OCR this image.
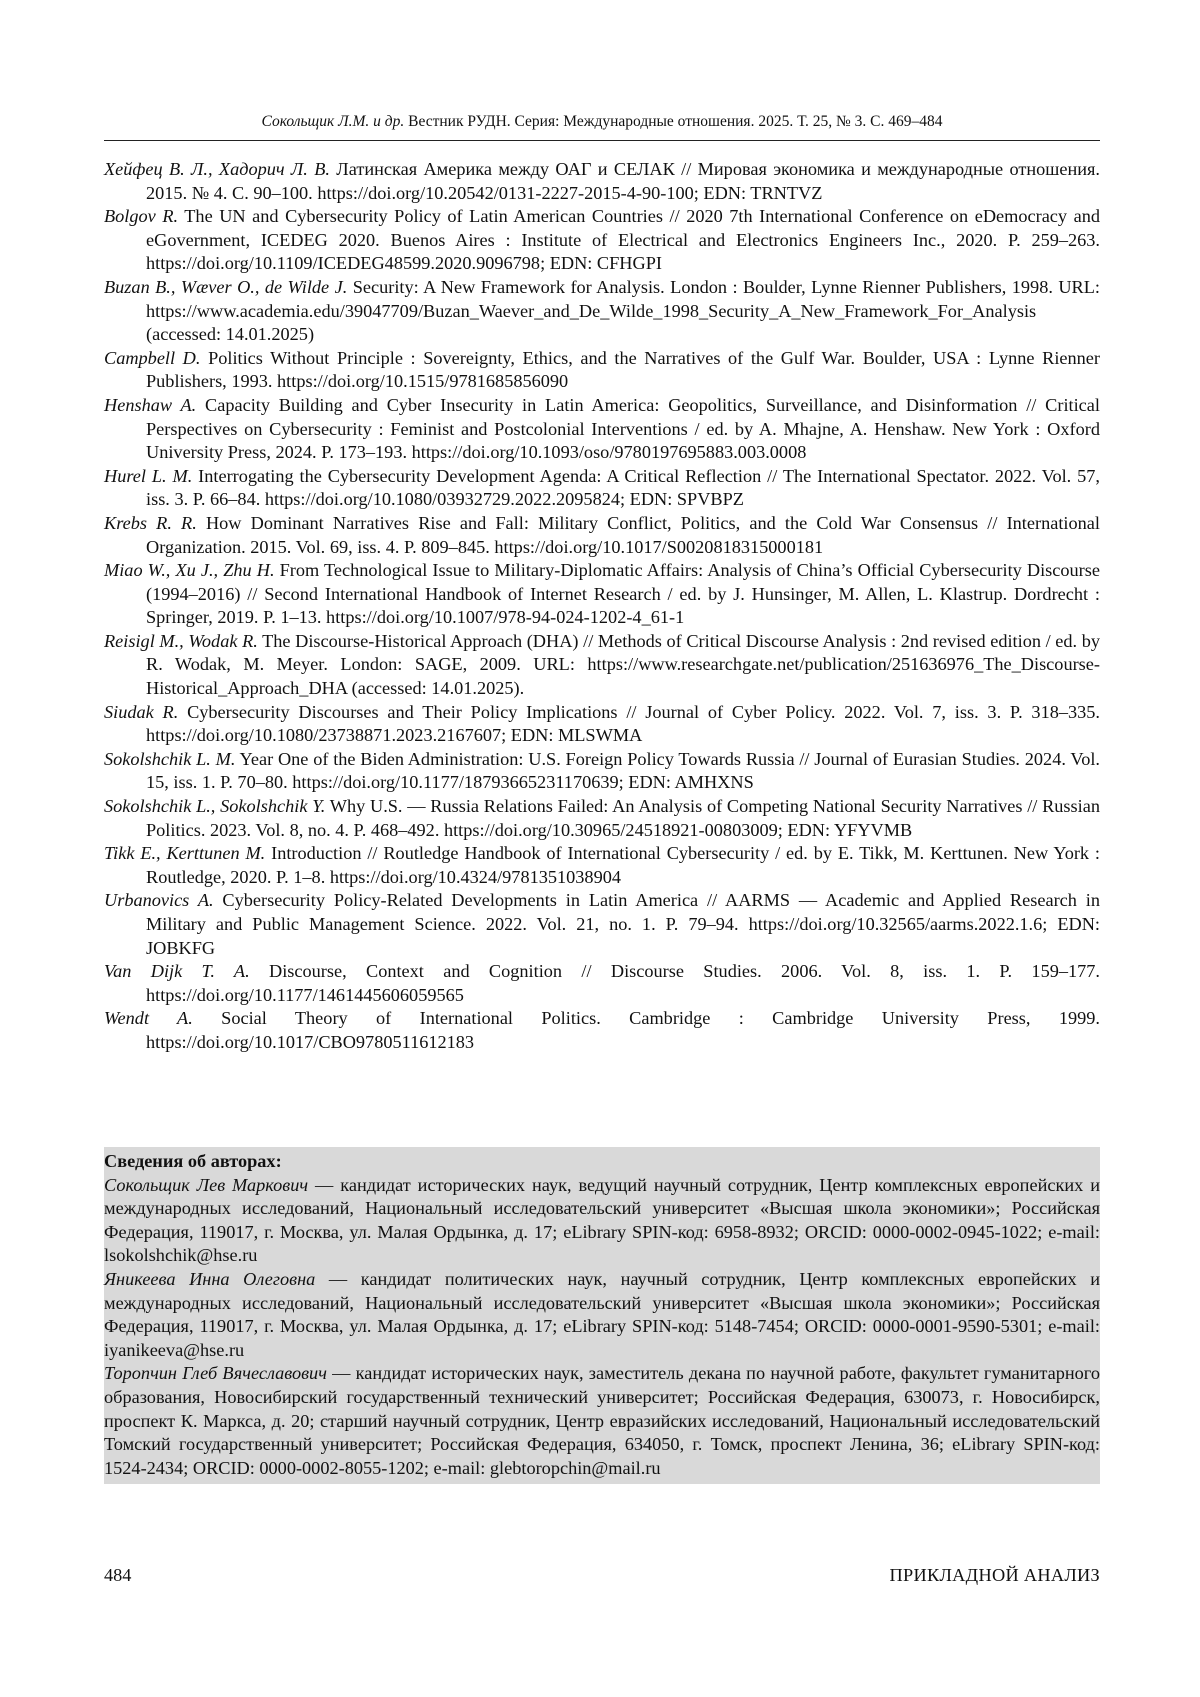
Сокольщик Л.М. и др. Вестник РУДН. Серия: Международные отношения. 2025. Т. 25, № 3. С. 469–484

Хейфец В. Л., Хадорич Л. В. Латинская Америка между ОАГ и СЕЛАК // Мировая экономика и международные отношения. 2015. № 4. С. 90–100. https://doi.org/10.20542/0131-2227-2015-4-90-100; EDN: TRNTVZ

Bolgov R. The UN and Cybersecurity Policy of Latin American Countries // 2020 7th International Conference on eDemocracy and eGovernment, ICEDEG 2020. Buenos Aires : Institute of Electrical and Electronics Engineers Inc., 2020. P. 259–263. https://doi.org/10.1109/ICEDEG48599.2020.9096798; EDN: CFHGPI

Buzan B., Wæver O., de Wilde J. Security: A New Framework for Analysis. London : Boulder, Lynne Rienner Publishers, 1998. URL: https://www.academia.edu/39047709/Buzan_Waever_and_De_Wilde_1998_Security_A_New_Framework_For_Analysis (accessed: 14.01.2025)

Campbell D. Politics Without Principle : Sovereignty, Ethics, and the Narratives of the Gulf War. Boulder, USA : Lynne Rienner Publishers, 1993. https://doi.org/10.1515/9781685856090

Henshaw A. Capacity Building and Cyber Insecurity in Latin America: Geopolitics, Surveillance, and Disinformation // Critical Perspectives on Cybersecurity : Feminist and Postcolonial Interventions / ed. by A. Mhajne, A. Henshaw. New York : Oxford University Press, 2024. P. 173–193. https://doi.org/10.1093/oso/9780197695883.003.0008

Hurel L. M. Interrogating the Cybersecurity Development Agenda: A Critical Reflection // The International Spectator. 2022. Vol. 57, iss. 3. P. 66–84. https://doi.org/10.1080/03932729.2022.2095824; EDN: SPVBPZ

Krebs R. R. How Dominant Narratives Rise and Fall: Military Conflict, Politics, and the Cold War Consensus // International Organization. 2015. Vol. 69, iss. 4. P. 809–845. https://doi.org/10.1017/S0020818315000181

Miao W., Xu J., Zhu H. From Technological Issue to Military-Diplomatic Affairs: Analysis of China’s Official Cybersecurity Discourse (1994–2016) // Second International Handbook of Internet Research / ed. by J. Hunsinger, M. Allen, L. Klastrup. Dordrecht : Springer, 2019. P. 1–13. https://doi.org/10.1007/978-94-024-1202-4_61-1

Reisigl M., Wodak R. The Discourse-Historical Approach (DHA) // Methods of Critical Discourse Analysis : 2nd revised edition / ed. by R. Wodak, M. Meyer. London: SAGE, 2009. URL: https://www.researchgate.net/publication/251636976_The_Discourse-Historical_Approach_DHA (accessed: 14.01.2025).

Siudak R. Cybersecurity Discourses and Their Policy Implications // Journal of Cyber Policy. 2022. Vol. 7, iss. 3. P. 318–335. https://doi.org/10.1080/23738871.2023.2167607; EDN: MLSWMA

Sokolshchik L. M. Year One of the Biden Administration: U.S. Foreign Policy Towards Russia // Journal of Eurasian Studies. 2024. Vol. 15, iss. 1. P. 70–80. https://doi.org/10.1177/18793665231170639; EDN: AMHXNS

Sokolshchik L., Sokolshchik Y. Why U.S. — Russia Relations Failed: An Analysis of Competing National Security Narratives // Russian Politics. 2023. Vol. 8, no. 4. P. 468–492. https://doi.org/10.30965/24518921-00803009; EDN: YFYVMB

Tikk E., Kerttunen M. Introduction // Routledge Handbook of International Cybersecurity / ed. by E. Tikk, M. Kerttunen. New York : Routledge, 2020. P. 1–8. https://doi.org/10.4324/9781351038904

Urbanovics A. Cybersecurity Policy-Related Developments in Latin America // AARMS — Academic and Applied Research in Military and Public Management Science. 2022. Vol. 21, no. 1. P. 79–94. https://doi.org/10.32565/aarms.2022.1.6; EDN: JOBKFG

Van Dijk T. A. Discourse, Context and Cognition // Discourse Studies. 2006. Vol. 8, iss. 1. P. 159–177. https://doi.org/10.1177/1461445606059565

Wendt A. Social Theory of International Politics. Cambridge : Cambridge University Press, 1999. https://doi.org/10.1017/CBO9780511612183

Сведения об авторах:

Сокольщик Лев Маркович — кандидат исторических наук, ведущий научный сотрудник, Центр комплексных европейских и международных исследований, Национальный исследовательский университет «Высшая школа экономики»; Российская Федерация, 119017, г. Москва, ул. Малая Ордынка, д. 17; eLibrary SPIN-код: 6958-8932; ORCID: 0000-0002-0945-1022; e-mail: lsokolshchik@hse.ru

Яникеева Инна Олеговна — кандидат политических наук, научный сотрудник, Центр комплексных европейских и международных исследований, Национальный исследовательский университет «Высшая школа экономики»; Российская Федерация, 119017, г. Москва, ул. Малая Ордынка, д. 17; eLibrary SPIN-код: 5148-7454; ORCID: 0000-0001-9590-5301; e-mail: iyanikeeva@hse.ru

Торопчин Глеб Вячеславович — кандидат исторических наук, заместитель декана по научной работе, факультет гуманитарного образования, Новосибирский государственный технический университет; Российская Федерация, 630073, г. Новосибирск, проспект К. Маркса, д. 20; старший научный сотрудник, Центр евразийских исследований, Национальный исследовательский Томский государственный университет; Российская Федерация, 634050, г. Томск, проспект Ленина, 36; eLibrary SPIN-код: 1524-2434; ORCID: 0000-0002-8055-1202; e-mail: glebtoropchin@mail.ru

484	ПРИКЛАДНОЙ АНАЛИЗ
